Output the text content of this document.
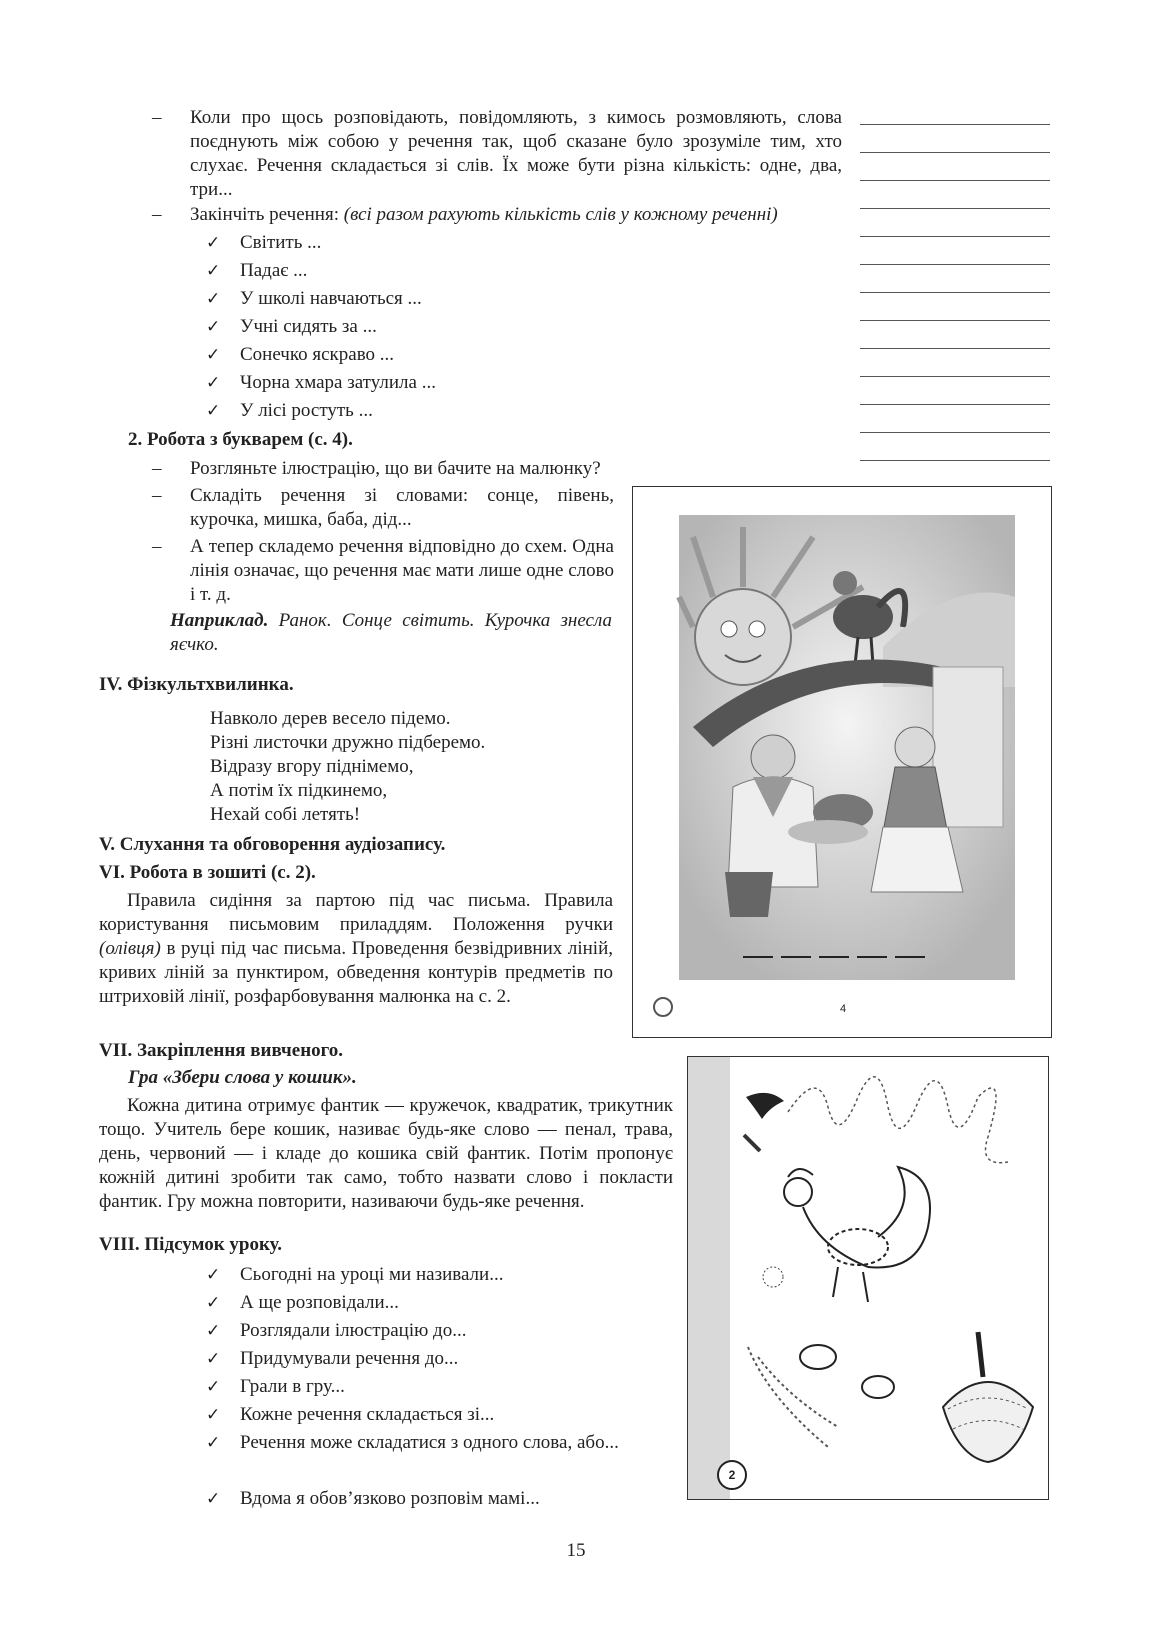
– Коли про щось розповідають, повідомляють, з кимось розмовляють, слова поєднують між собою у речення так, щоб сказане було зрозуміле тим, хто слухає. Речення складається зі слів. Їх може бути різна кількість: одне, два, три...
– Закінчіть речення: (всі разом рахують кількість слів у кожному реченні)
✓ Світить ...
✓ Падає ...
✓ У школі навчаються ...
✓ Учні сидять за ...
✓ Сонечко яскраво ...
✓ Чорна хмара затулила ...
✓ У лісі ростуть ...
2. Робота з букварем (с. 4).
– Розгляньте ілюстрацію, що ви бачите на малюнку?
– Складіть речення зі словами: сонце, півень, курочка, мишка, баба, дід...
– А тепер складемо речення відповідно до схем. Одна лінія означає, що речення має мати лише одне слово і т. д.
Наприклад. Ранок. Сонце світить. Курочка знесла яєчко.
4
IV. Фізкультхвилинка.
Навколо дерев весело підемо.
Різні листочки дружно підберемо.
Відразу вгору піднімемо,
А потім їх підкинемо,
Нехай собі летять!
V. Слухання та обговорення аудіозапису.
VI. Робота в зошиті (с. 2).
Правила сидіння за партою під час письма. Правила користування письмовим приладдям. Положення ручки (олівця) в руці під час письма. Проведення безвідривних ліній, кривих ліній за пунктиром, обведення контурів предметів по штриховій лінії, розфарбовування малюнка на с. 2.
VII. Закріплення вивченого.
Гра «Збери слова у кошик».
Кожна дитина отримує фантик — кружечок, квадратик, трикутник тощо. Учитель бере кошик, називає будь-яке слово — пенал, трава, день, червоний — і кладе до кошика свій фантик. Потім пропонує кожній дитині зробити так само, тобто назвати слово і покласти фантик. Гру можна повторити, називаючи будь-яке речення.
2
VIII. Підсумок уроку.
✓ Сьогодні на уроці ми називали...
✓ А ще розповідали...
✓ Розглядали ілюстрацію до...
✓ Придумували речення до...
✓ Грали в гру...
✓ Кожне речення складається зі...
✓ Речення може складатися з одного слова, або...
✓ Вдома я обов’язково розповім мамі...
15
